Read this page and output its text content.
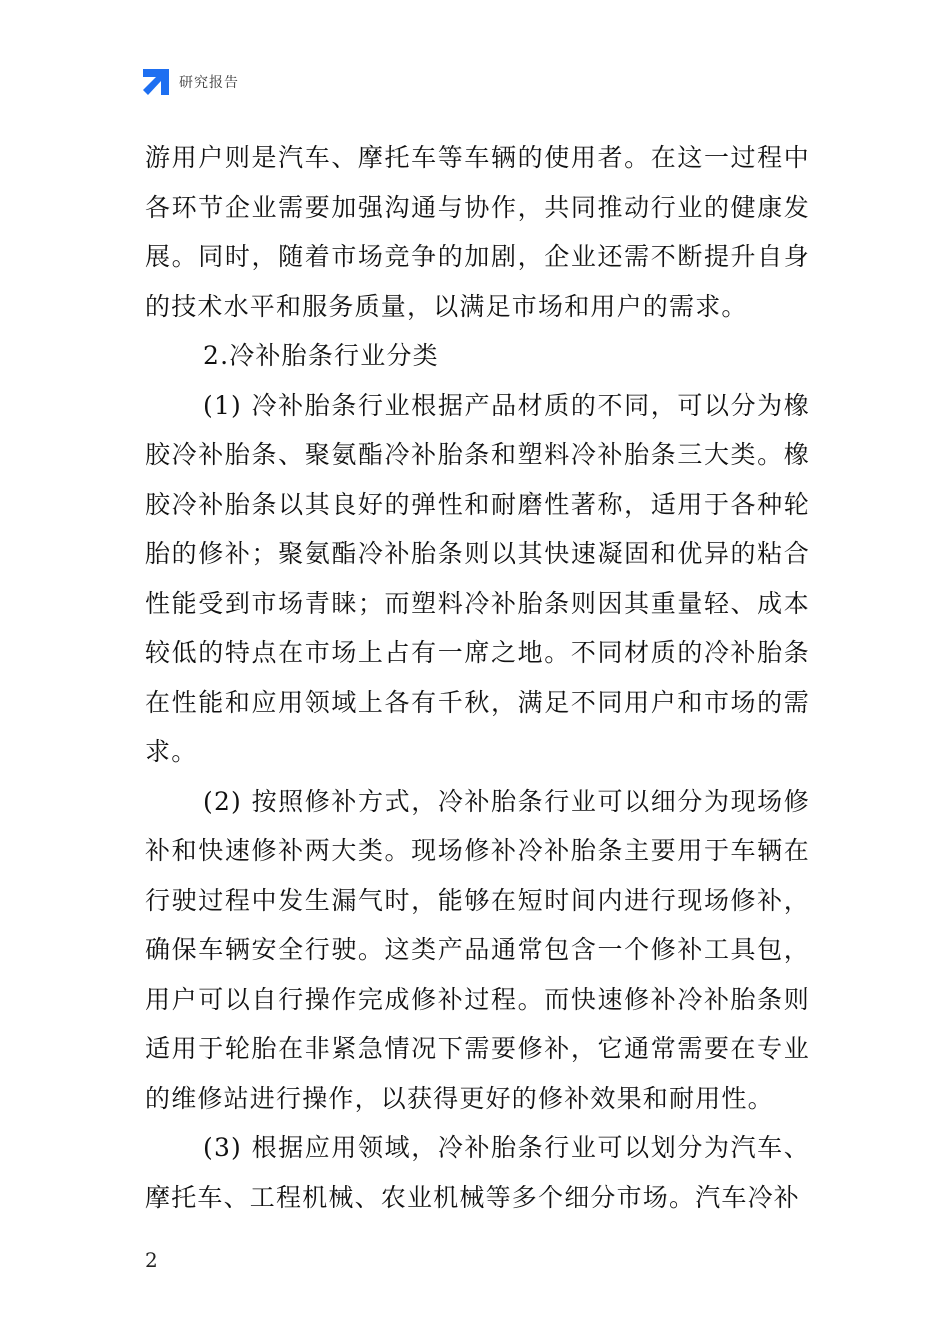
研究报告

游用户则是汽车、摩托车等车辆的使用者。在这一过程中各环节企业需要加强沟通与协作，共同推动行业的健康发展。同时，随着市场竞争的加剧，企业还需不断提升自身的技术水平和服务质量，以满足市场和用户的需求。

2.冷补胎条行业分类

(1) 冷补胎条行业根据产品材质的不同，可以分为橡胶冷补胎条、聚氨酯冷补胎条和塑料冷补胎条三大类。橡胶冷补胎条以其良好的弹性和耐磨性著称，适用于各种轮胎的修补；聚氨酯冷补胎条则以其快速凝固和优异的粘合性能受到市场青睐；而塑料冷补胎条则因其重量轻、成本较低的特点在市场上占有一席之地。不同材质的冷补胎条在性能和应用领域上各有千秋，满足不同用户和市场的需求。

(2) 按照修补方式，冷补胎条行业可以细分为现场修补和快速修补两大类。现场修补冷补胎条主要用于车辆在行驶过程中发生漏气时，能够在短时间内进行现场修补，确保车辆安全行驶。这类产品通常包含一个修补工具包，用户可以自行操作完成修补过程。而快速修补冷补胎条则适用于轮胎在非紧急情况下需要修补，它通常需要在专业的维修站进行操作，以获得更好的修补效果和耐用性。

(3) 根据应用领域，冷补胎条行业可以划分为汽车、摩托车、工程机械、农业机械等多个细分市场。汽车冷补

2
